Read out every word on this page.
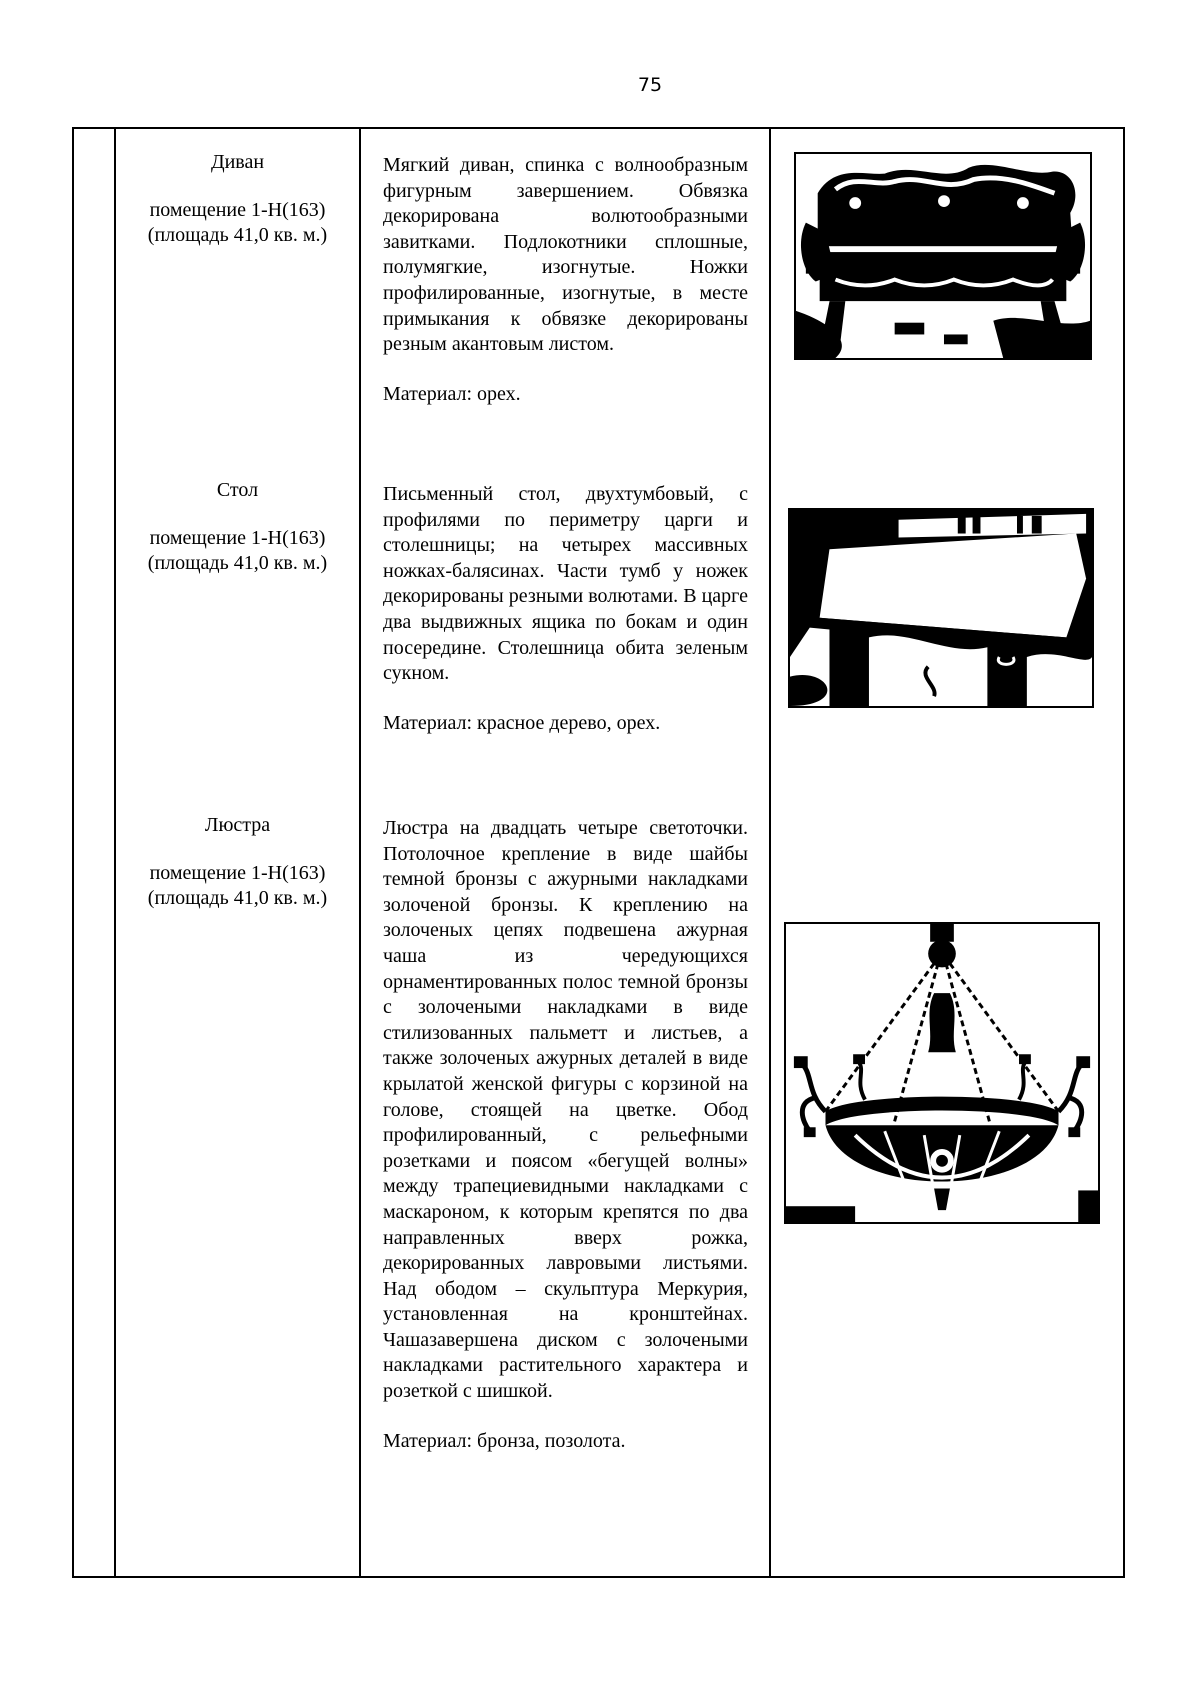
75
Диван
помещение 1-Н(163)
(площадь 41,0 кв. м.)
Мягкий диван, спинка с волнообразным фигурным завершением. Обвязка декорирована волютообразными завитками. Подлокотники сплошные, полумягкие, изогнутые. Ножки профилированные, изогнутые, в месте примыкания к обвязке декорированы резным акантовым листом.
Материал: орех.
Стол
помещение 1-Н(163)
(площадь 41,0 кв. м.)
Письменный стол, двухтумбовый, с профилями по периметру царги и столешницы; на четырех массивных ножках-балясинах. Части тумб у ножек декорированы резными волютами. В царге два выдвижных ящика по бокам и один посередине. Столешница обита зеленым сукном.
Материал: красное дерево, орех.
Люстра
помещение 1-Н(163)
(площадь 41,0 кв. м.)
Люстра на двадцать четыре светоточки. Потолочное крепление в виде шайбы темной бронзы с ажурными накладками золоченой бронзы. К креплению на золоченых цепях подвешена ажурная чаша из чередующихся орнаментированных полос темной бронзы с золочеными накладками в виде стилизованных пальметт и листьев, а также золоченых ажурных деталей в виде крылатой женской фигуры с корзиной на голове, стоящей на цветке. Обод профилированный, с рельефными розетками и поясом «бегущей волны» между трапециевидными накладками с маскароном, к которым крепятся по два направленных вверх рожка, декорированных лавровыми листьями. Над ободом – скульптура Меркурия, установленная на кронштейнах. Чашазавершена диском с золочеными накладками растительного характера и розеткой с шишкой.
Материал: бронза, позолота.
